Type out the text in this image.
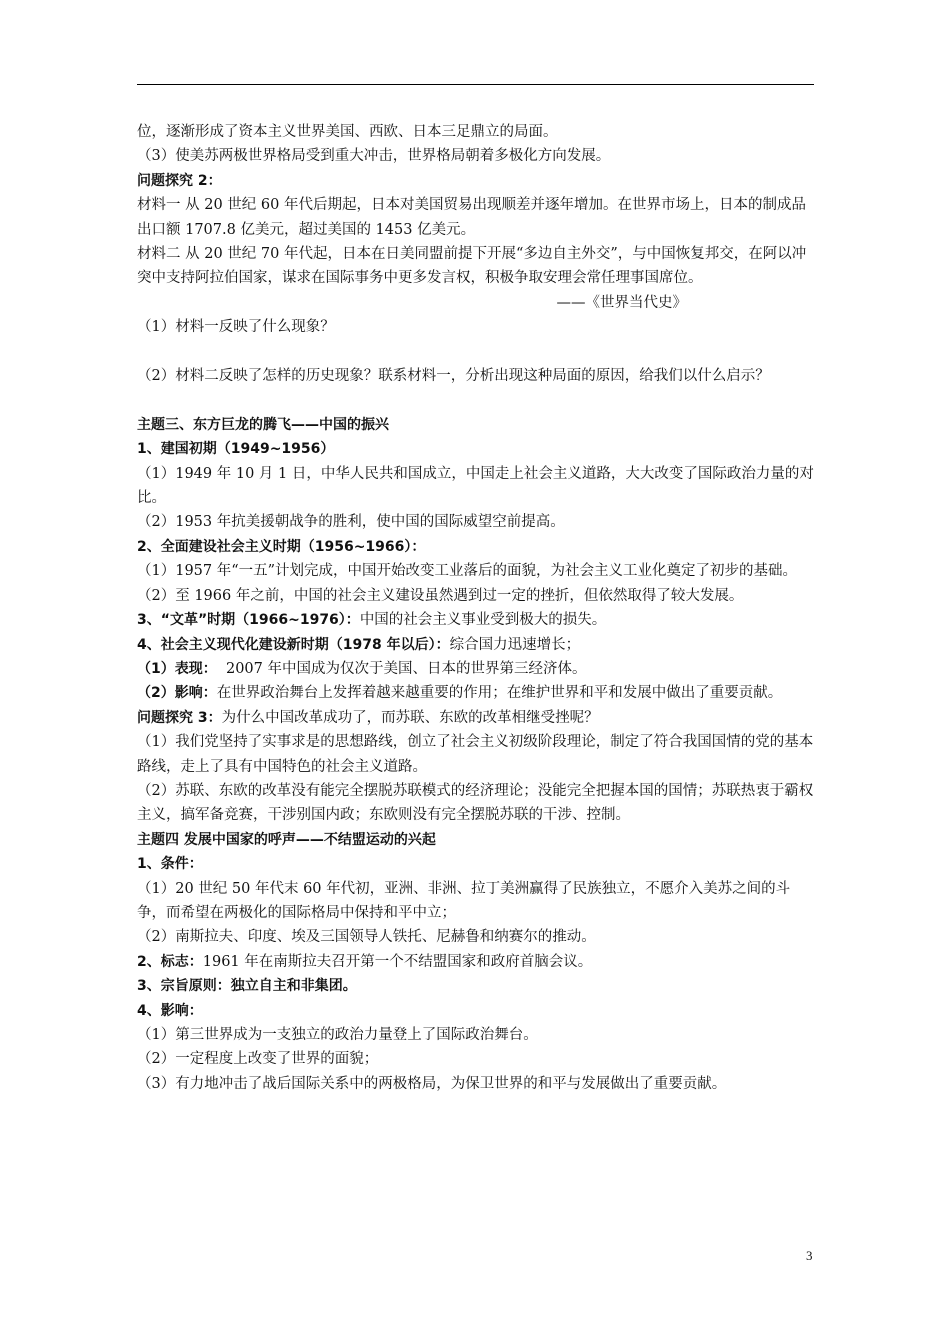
位，逐渐形成了资本主义世界美国、西欧、日本三足鼎立的局面。

（3）使美苏两极世界格局受到重大冲击，世界格局朝着多极化方向发展。

问题探究 2：

材料一 从 20 世纪 60 年代后期起，日本对美国贸易出现顺差并逐年增加。在世界市场上，日本的制成品出口额 1707.8 亿美元，超过美国的 1453 亿美元。

材料二 从 20 世纪 70 年代起，日本在日美同盟前提下开展“多边自主外交”，与中国恢复邦交，在阿以冲突中支持阿拉伯国家，谋求在国际事务中更多发言权，积极争取安理会常任理事国席位。

——《世界当代史》

（1）材料一反映了什么现象？

（2）材料二反映了怎样的历史现象？联系材料一，分析出现这种局面的原因，给我们以什么启示？

主题三、东方巨龙的腾飞——中国的振兴

1、建国初期（1949~1956）

（1）1949 年 10 月 1 日，中华人民共和国成立，中国走上社会主义道路，大大改变了国际政治力量的对比。

（2）1953 年抗美援朝战争的胜利，使中国的国际威望空前提高。

2、全面建设社会主义时期（1956~1966）：

（1）1957 年“一五”计划完成，中国开始改变工业落后的面貌，为社会主义工业化奠定了初步的基础。

（2）至 1966 年之前，中国的社会主义建设虽然遇到过一定的挫折，但依然取得了较大发展。

3、“文革”时期（1966~1976）：中国的社会主义事业受到极大的损失。

4、社会主义现代化建设新时期（1978 年以后）：综合国力迅速增长；

（1）表现：  2007 年中国成为仅次于美国、日本的世界第三经济体。

（2）影响：在世界政治舞台上发挥着越来越重要的作用；在维护世界和平和发展中做出了重要贡献。

问题探究 3：为什么中国改革成功了，而苏联、东欧的改革相继受挫呢？

（1）我们党坚持了实事求是的思想路线，创立了社会主义初级阶段理论，制定了符合我国国情的党的基本路线，走上了具有中国特色的社会主义道路。

（2）苏联、东欧的改革没有能完全摆脱苏联模式的经济理论；没能完全把握本国的国情；苏联热衷于霸权主义，搞军备竞赛，干涉别国内政；东欧则没有完全摆脱苏联的干涉、控制。

主题四 发展中国家的呼声——不结盟运动的兴起

1、条件：

（1）20 世纪 50 年代末 60 年代初，亚洲、非洲、拉丁美洲赢得了民族独立，不愿介入美苏之间的斗争，而希望在两极化的国际格局中保持和平中立；

（2）南斯拉夫、印度、埃及三国领导人铁托、尼赫鲁和纳赛尔的推动。

2、标志：1961 年在南斯拉夫召开第一个不结盟国家和政府首脑会议。

3、宗旨原则：独立自主和非集团。

4、影响：

（1）第三世界成为一支独立的政治力量登上了国际政治舞台。

（2）一定程度上改变了世界的面貌；

（3）有力地冲击了战后国际关系中的两极格局，为保卫世界的和平与发展做出了重要贡献。

3
